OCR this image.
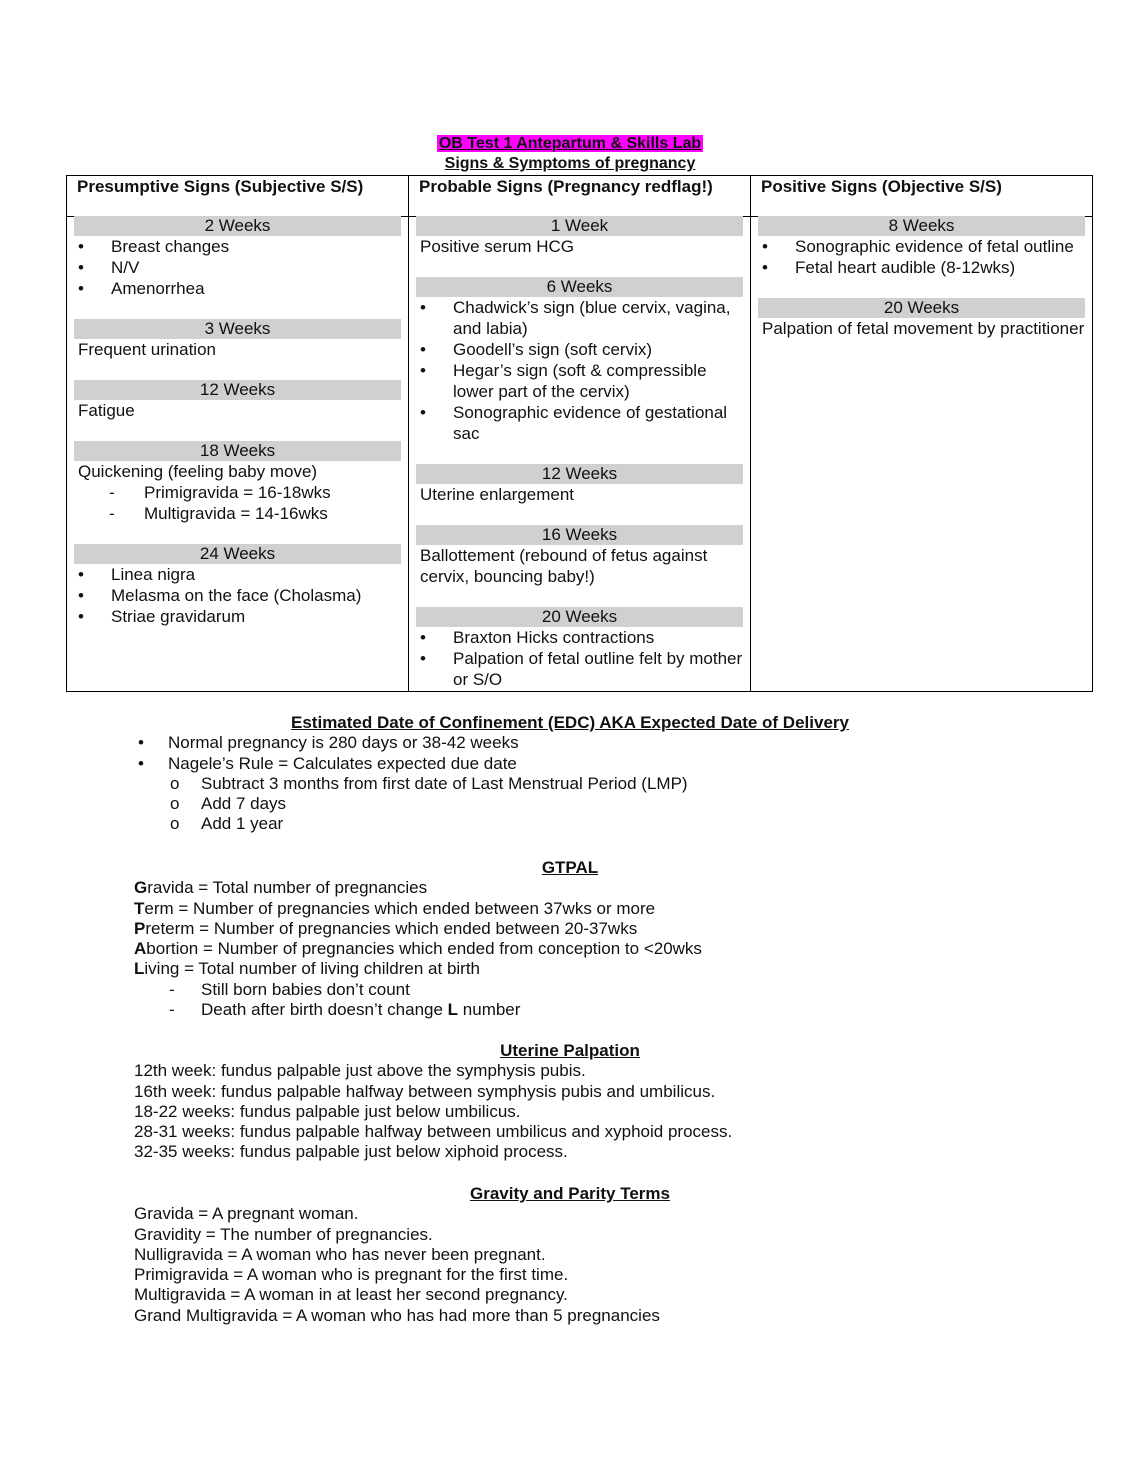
OB Test 1 Antepartum & Skills Lab
Signs & Symptoms of pregnancy
Presumptive Signs (Subjective S/S)
2 Weeks
• Breast changes
• N/V
• Amenorrhea
3 Weeks
Frequent urination
12 Weeks
Fatigue
18 Weeks
Quickening (feeling baby move)
- Primigravida = 16-18wks
- Multigravida = 14-16wks
24 Weeks
• Linea nigra
• Melasma on the face (Cholasma)
• Striae gravidarum
Probable Signs (Pregnancy redflag!)
1 Week
Positive serum HCG
6 Weeks
• Chadwick’s sign (blue cervix, vagina, and labia)
• Goodell’s sign (soft cervix)
• Hegar’s sign (soft & compressible lower part of the cervix)
• Sonographic evidence of gestational sac
12 Weeks
Uterine enlargement
16 Weeks
Ballottement (rebound of fetus against cervix, bouncing baby!)
20 Weeks
• Braxton Hicks contractions
• Palpation of fetal outline felt by mother or S/O
Positive Signs (Objective S/S)
8 Weeks
• Sonographic evidence of fetal outline
• Fetal heart audible (8-12wks)
20 Weeks
Palpation of fetal movement by practitioner
Estimated Date of Confinement (EDC) AKA Expected Date of Delivery
• Normal pregnancy is 280 days or 38-42 weeks
• Nagele’s Rule = Calculates expected due date
o Subtract 3 months from first date of Last Menstrual Period (LMP)
o Add 7 days
o Add 1 year
GTPAL
Gravida = Total number of pregnancies
Term = Number of pregnancies which ended between 37wks or more
Preterm = Number of pregnancies which ended between 20-37wks
Abortion = Number of pregnancies which ended from conception to <20wks
Living = Total number of living children at birth
- Still born babies don’t count
- Death after birth doesn’t change L number
Uterine Palpation
12th week: fundus palpable just above the symphysis pubis.
16th week: fundus palpable halfway between symphysis pubis and umbilicus.
18-22 weeks: fundus palpable just below umbilicus.
28-31 weeks: fundus palpable halfway between umbilicus and xyphoid process.
32-35 weeks: fundus palpable just below xiphoid process.
Gravity and Parity Terms
Gravida = A pregnant woman.
Gravidity = The number of pregnancies.
Nulligravida = A woman who has never been pregnant.
Primigravida = A woman who is pregnant for the first time.
Multigravida = A woman in at least her second pregnancy.
Grand Multigravida = A woman who has had more than 5 pregnancies
